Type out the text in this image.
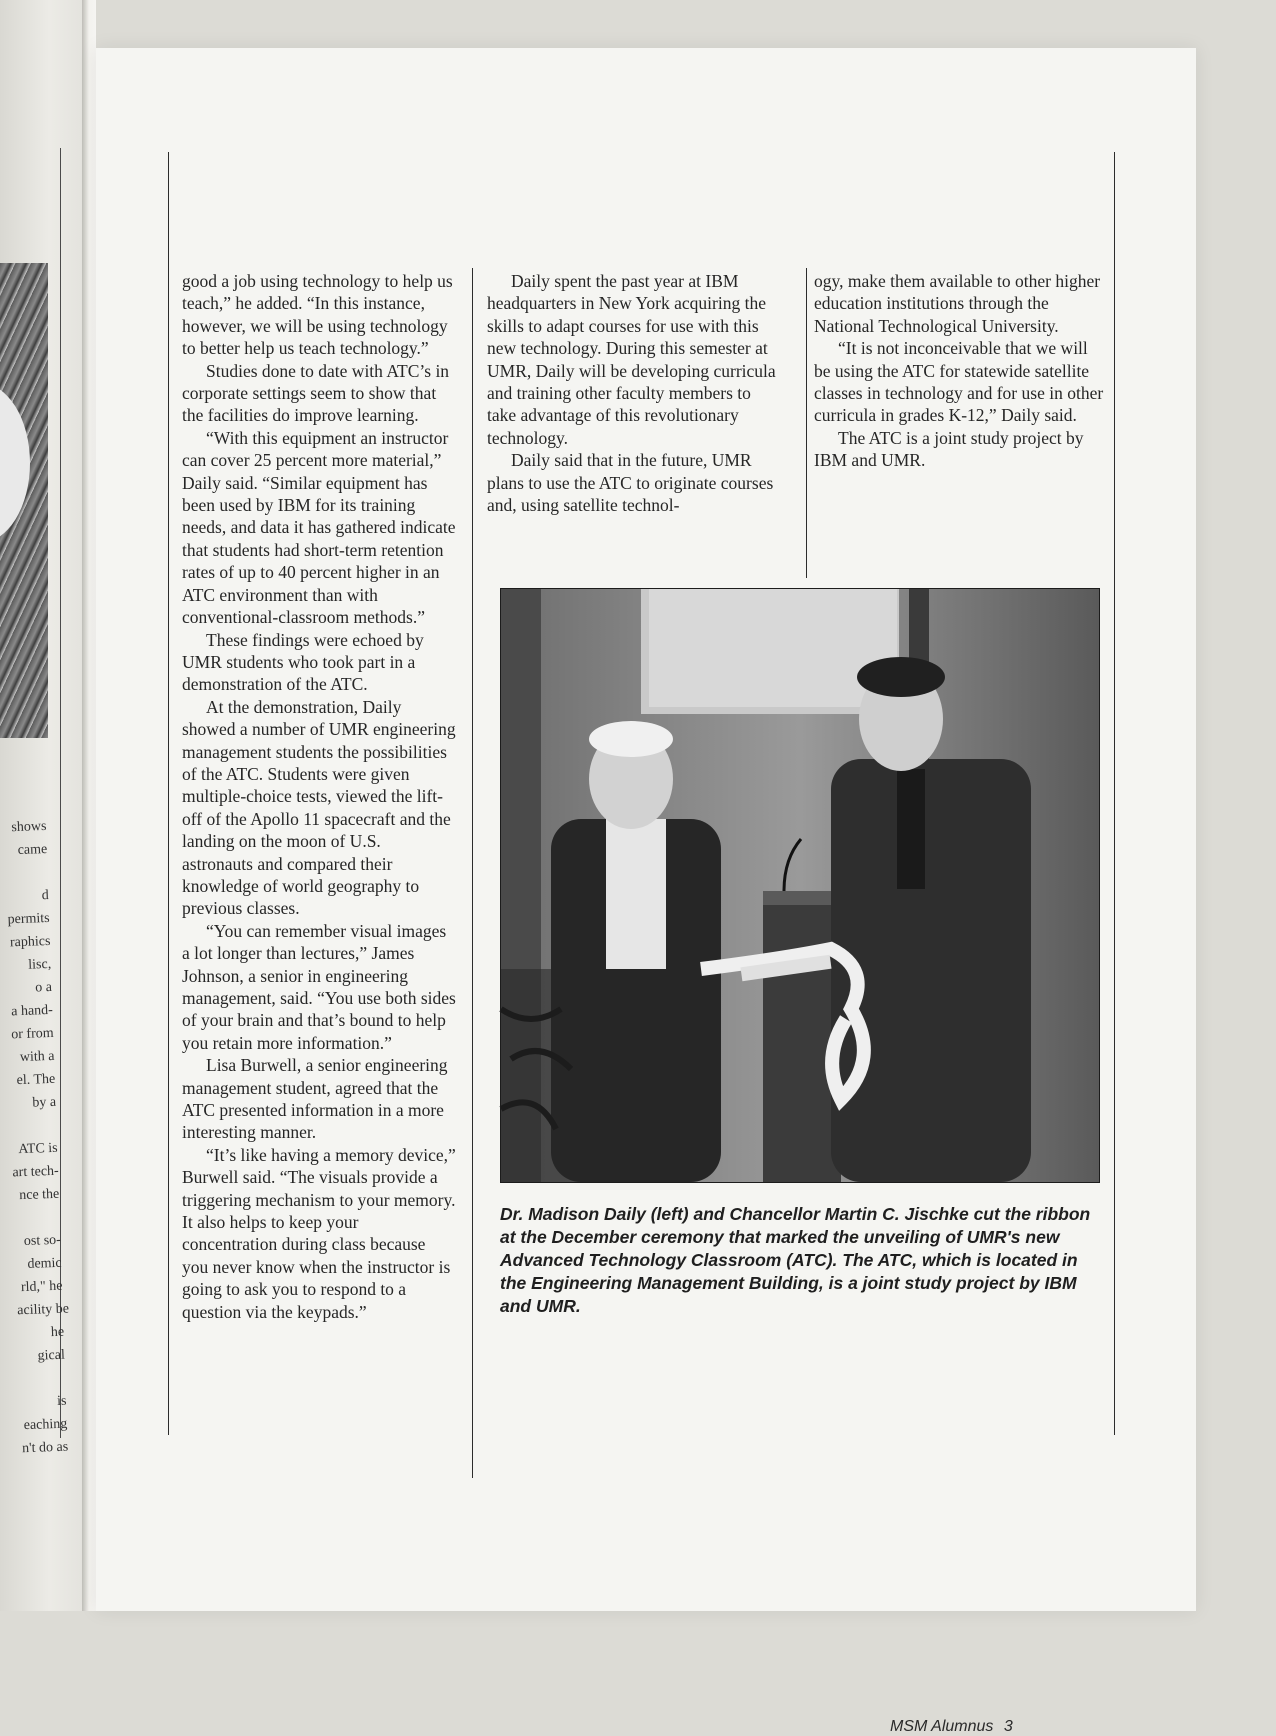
shows
came
d
permits
raphics
lisc,
o a
a hand-
or from
with a
el. The
by a
ATC is
art tech-
nce the
ost so-
demic
rld," he
acility be
he
gical
is
eaching
n't do as

good a job using technology to help us teach,” he added. “In this instance, however, we will be using technology to better help us teach technology.”

Studies done to date with ATC’s in corporate settings seem to show that the facilities do improve learning.

“With this equipment an instructor can cover 25 percent more material,” Daily said. “Similar equipment has been used by IBM for its training needs, and data it has gathered indicate that students had short-term retention rates of up to 40 percent higher in an ATC environment than with conventional-classroom methods.”

These findings were echoed by UMR students who took part in a demonstration of the ATC.

At the demonstration, Daily showed a number of UMR engineering management students the possibilities of the ATC. Students were given multiple-choice tests, viewed the lift-off of the Apollo 11 spacecraft and the landing on the moon of U.S. astronauts and compared their knowledge of world geography to previous classes.

“You can remember visual images a lot longer than lectures,” James Johnson, a senior in engineering management, said. “You use both sides of your brain and that’s bound to help you retain more information.”

Lisa Burwell, a senior engineering management student, agreed that the ATC presented information in a more interesting manner.

“It’s like having a memory device,” Burwell said. “The visuals provide a triggering mechanism to your memory. It also helps to keep your concentration during class because you never know when the instructor is going to ask you to respond to a question via the keypads.”

Daily spent the past year at IBM headquarters in New York acquiring the skills to adapt courses for use with this new technology. During this semester at UMR, Daily will be developing curricula and training other faculty members to take advantage of this revolutionary technology.

Daily said that in the future, UMR plans to use the ATC to originate courses and, using satellite technol-

ogy, make them available to other higher education institutions through the National Technological University.

“It is not inconceivable that we will be using the ATC for statewide satellite classes in technology and for use in other curricula in grades K-12,” Daily said.

The ATC is a joint study project by IBM and UMR.

Dr. Madison Daily (left) and Chancellor Martin C. Jischke cut the ribbon at the December ceremony that marked the unveiling of UMR's new Advanced Technology Classroom (ATC). The ATC, which is located in the Engineering Management Building, is a joint study project by IBM and UMR.
MSM Alumnus 3
